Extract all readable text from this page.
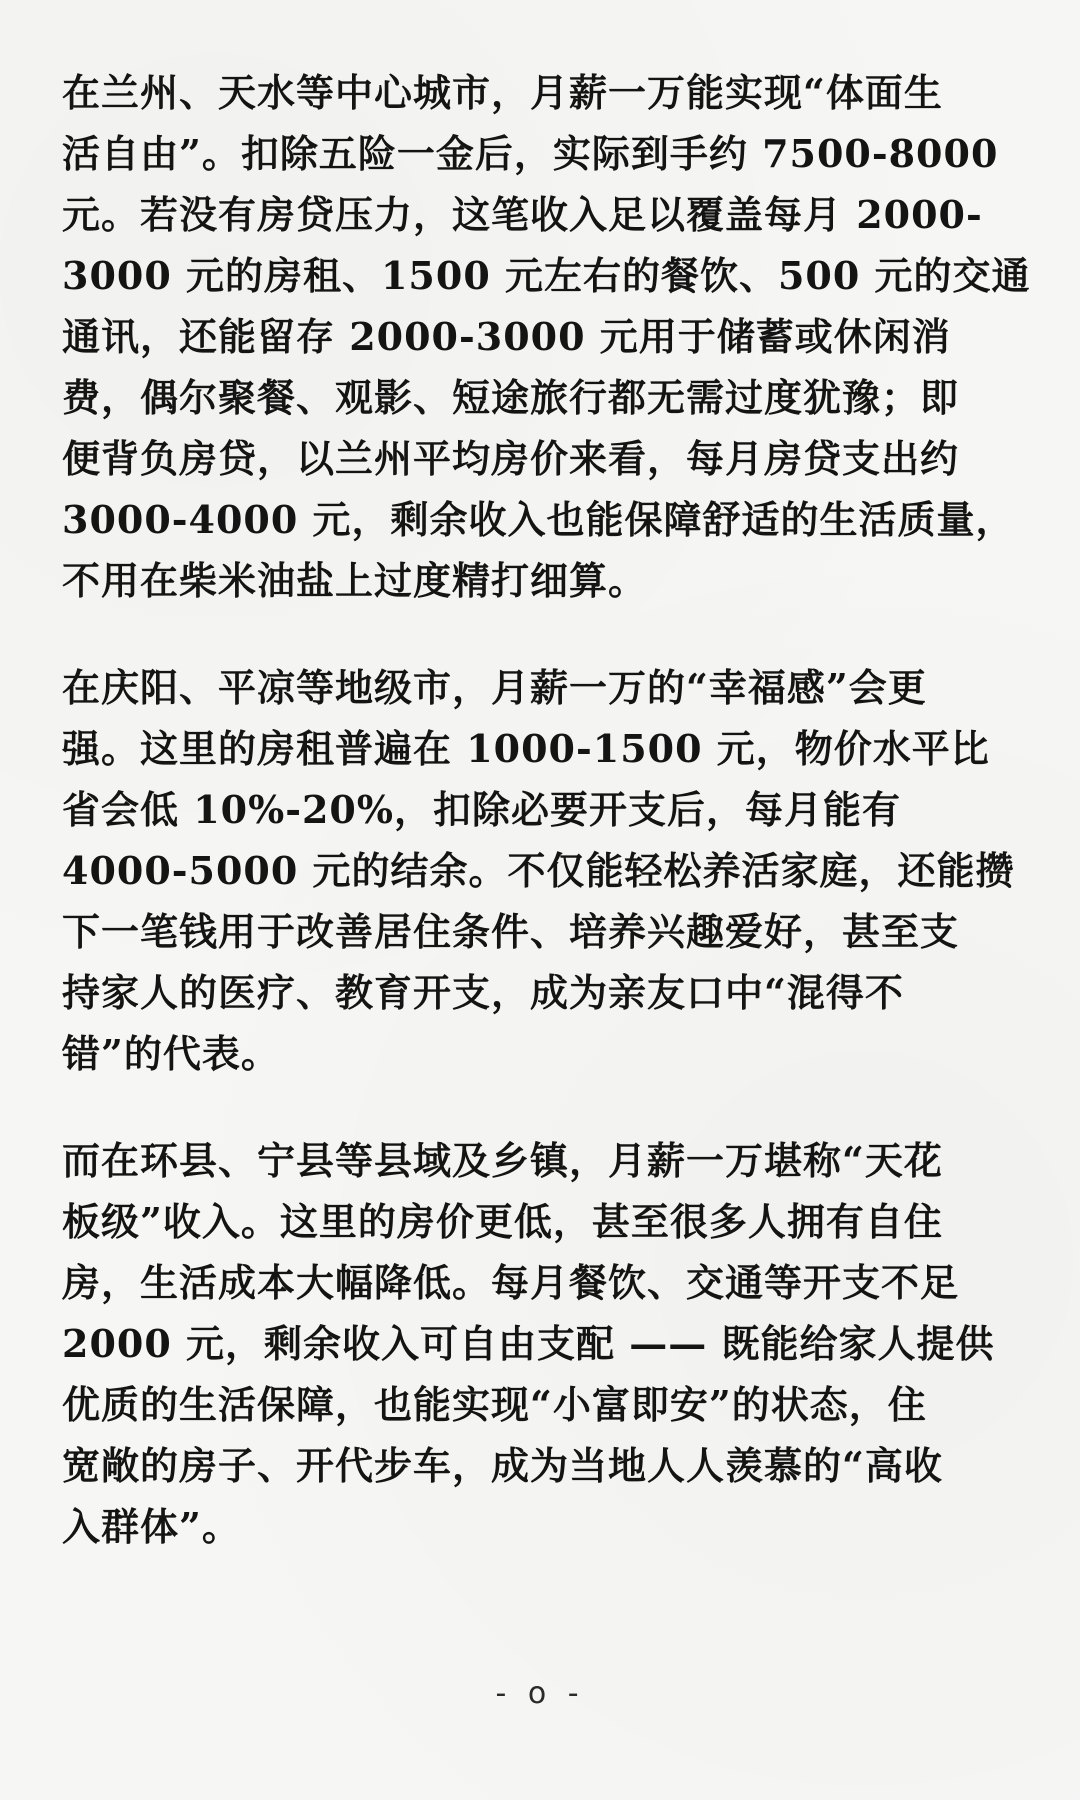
在兰州、天水等中心城市，月薪一万能实现“体面生
活自由”。扣除五险一金后，实际到手约 7500-8000
元。若没有房贷压力，这笔收入足以覆盖每月 2000-
3000 元的房租、1500 元左右的餐饮、500 元的交通
通讯，还能留存 2000-3000 元用于储蓄或休闲消
费，偶尔聚餐、观影、短途旅行都无需过度犹豫；即
便背负房贷，以兰州平均房价来看，每月房贷支出约
3000-4000 元，剩余收入也能保障舒适的生活质量，
不用在柴米油盐上过度精打细算。

在庆阳、平凉等地级市，月薪一万的“幸福感”会更
强。这里的房租普遍在 1000-1500 元，物价水平比
省会低 10%-20%，扣除必要开支后，每月能有
4000-5000 元的结余。不仅能轻松养活家庭，还能攒
下一笔钱用于改善居住条件、培养兴趣爱好，甚至支
持家人的医疗、教育开支，成为亲友口中“混得不
错”的代表。

而在环县、宁县等县域及乡镇，月薪一万堪称“天花
板级”收入。这里的房价更低，甚至很多人拥有自住
房，生活成本大幅降低。每月餐饮、交通等开支不足
2000 元，剩余收入可自由支配 —— 既能给家人提供
优质的生活保障，也能实现“小富即安”的状态，住
宽敞的房子、开代步车，成为当地人人羡慕的“高收
入群体”。

- o -
